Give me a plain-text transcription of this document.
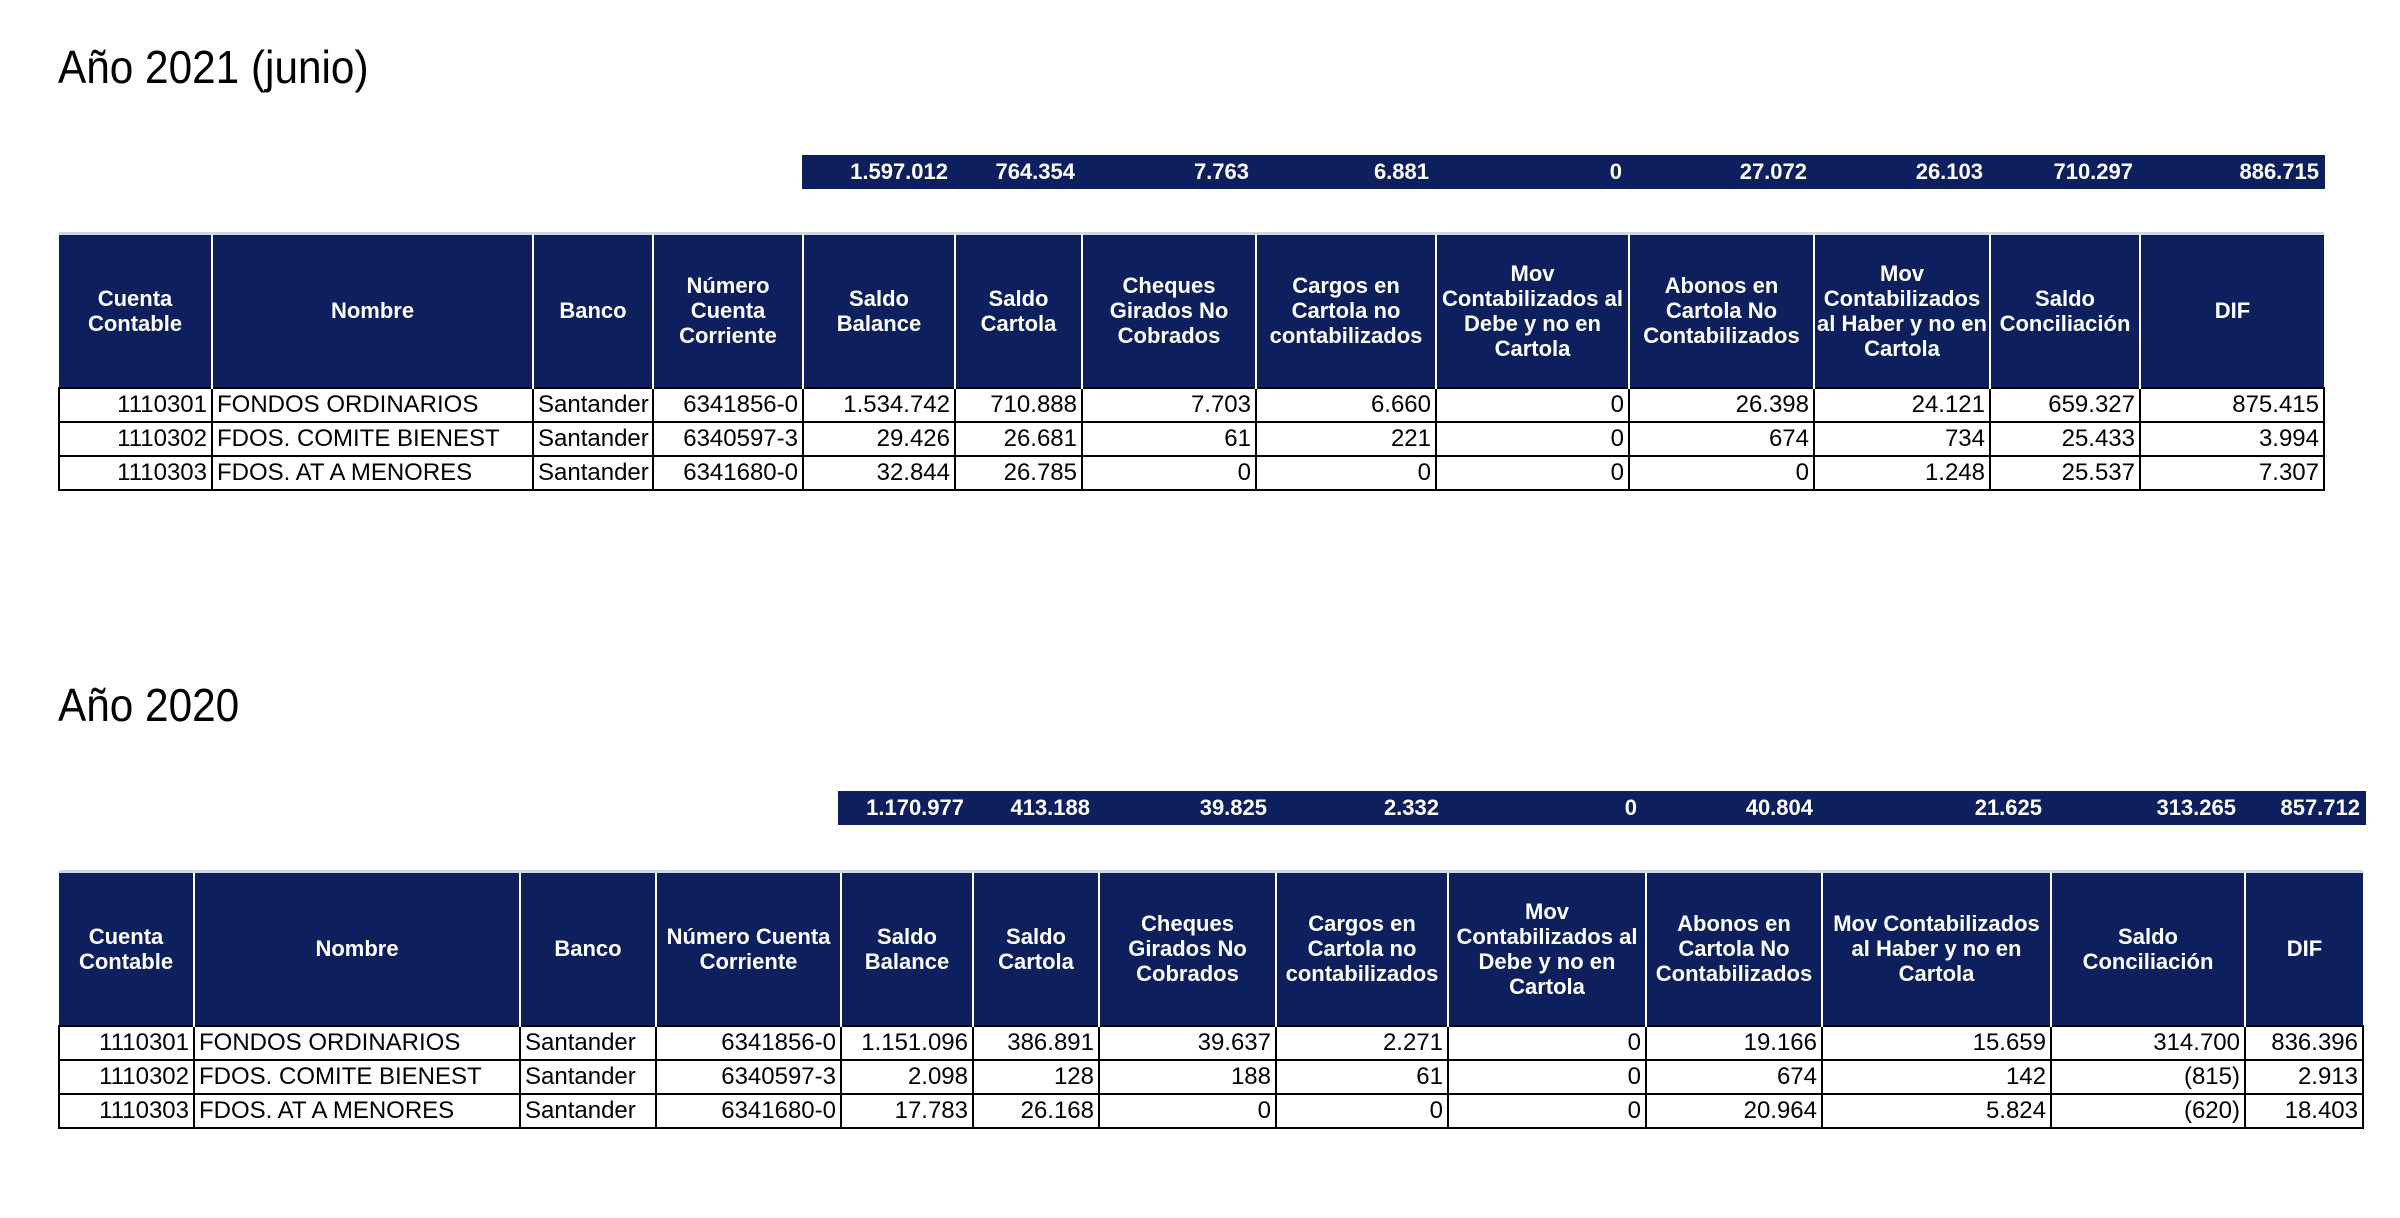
Año 2021 (junio)
1.597.012	764.354	7.763	6.881	0	27.072	26.103	710.297	886.715
Cuenta Contable	Nombre	Banco	Número Cuenta Corriente	Saldo Balance	Saldo Cartola	Cheques Girados No Cobrados	Cargos en Cartola no contabilizados	Mov Contabilizados al Debe y no en Cartola	Abonos en Cartola No Contabilizados	Mov Contabilizados al Haber y no en Cartola	Saldo Conciliación	DIF
1110301	FONDOS ORDINARIOS	Santander	6341856-0	1.534.742	710.888	7.703	6.660	0	26.398	24.121	659.327	875.415
1110302	FDOS. COMITE BIENEST	Santander	6340597-3	29.426	26.681	61	221	0	674	734	25.433	3.994
1110303	FDOS. AT A MENORES	Santander	6341680-0	32.844	26.785	0	0	0	0	1.248	25.537	7.307
Año 2020
1.170.977	413.188	39.825	2.332	0	40.804	21.625	313.265	857.712
Cuenta Contable	Nombre	Banco	Número Cuenta Corriente	Saldo Balance	Saldo Cartola	Cheques Girados No Cobrados	Cargos en Cartola no contabilizados	Mov Contabilizados al Debe y no en Cartola	Abonos en Cartola No Contabilizados	Mov Contabilizados al Haber y no en Cartola	Saldo Conciliación	DIF
1110301	FONDOS ORDINARIOS	Santander	6341856-0	1.151.096	386.891	39.637	2.271	0	19.166	15.659	314.700	836.396
1110302	FDOS. COMITE BIENEST	Santander	6340597-3	2.098	128	188	61	0	674	142	(815)	2.913
1110303	FDOS. AT A MENORES	Santander	6341680-0	17.783	26.168	0	0	0	20.964	5.824	(620)	18.403
